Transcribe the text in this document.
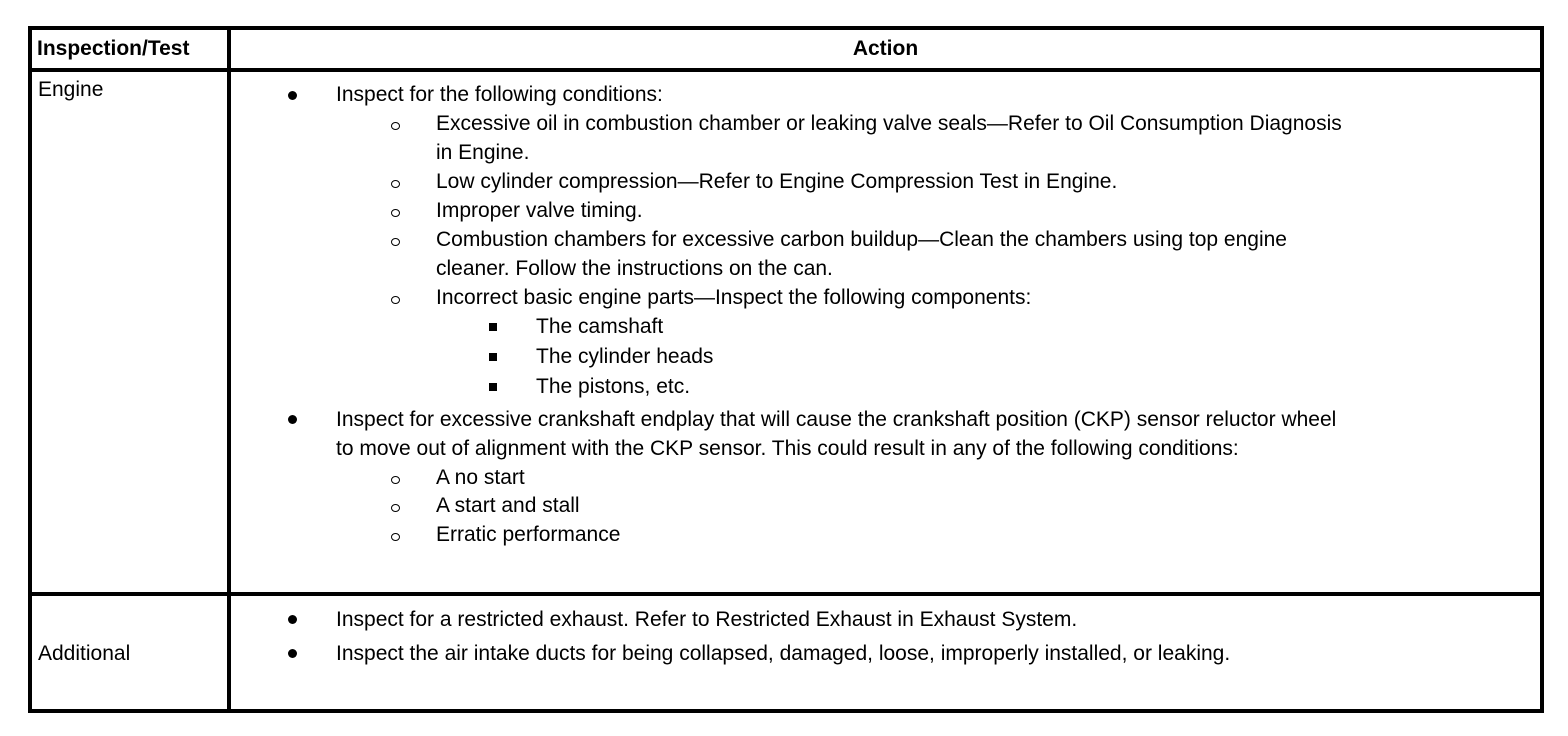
Inspection/Test	Action
Engine	Inspect for the following conditions:
Excessive oil in combustion chamber or leaking valve seals—Refer to Oil Consumption Diagnosis
in Engine.
Low cylinder compression—Refer to Engine Compression Test in Engine.
Improper valve timing.
Combustion chambers for excessive carbon buildup—Clean the chambers using top engine
cleaner. Follow the instructions on the can.
Incorrect basic engine parts—Inspect the following components:
The camshaft
The cylinder heads
The pistons, etc.
Inspect for excessive crankshaft endplay that will cause the crankshaft position (CKP) sensor reluctor wheel
to move out of alignment with the CKP sensor. This could result in any of the following conditions:
A no start
A start and stall
Erratic performance
Additional
Inspect for a restricted exhaust. Refer to Restricted Exhaust in Exhaust System.
Inspect the air intake ducts for being collapsed, damaged, loose, improperly installed, or leaking.
